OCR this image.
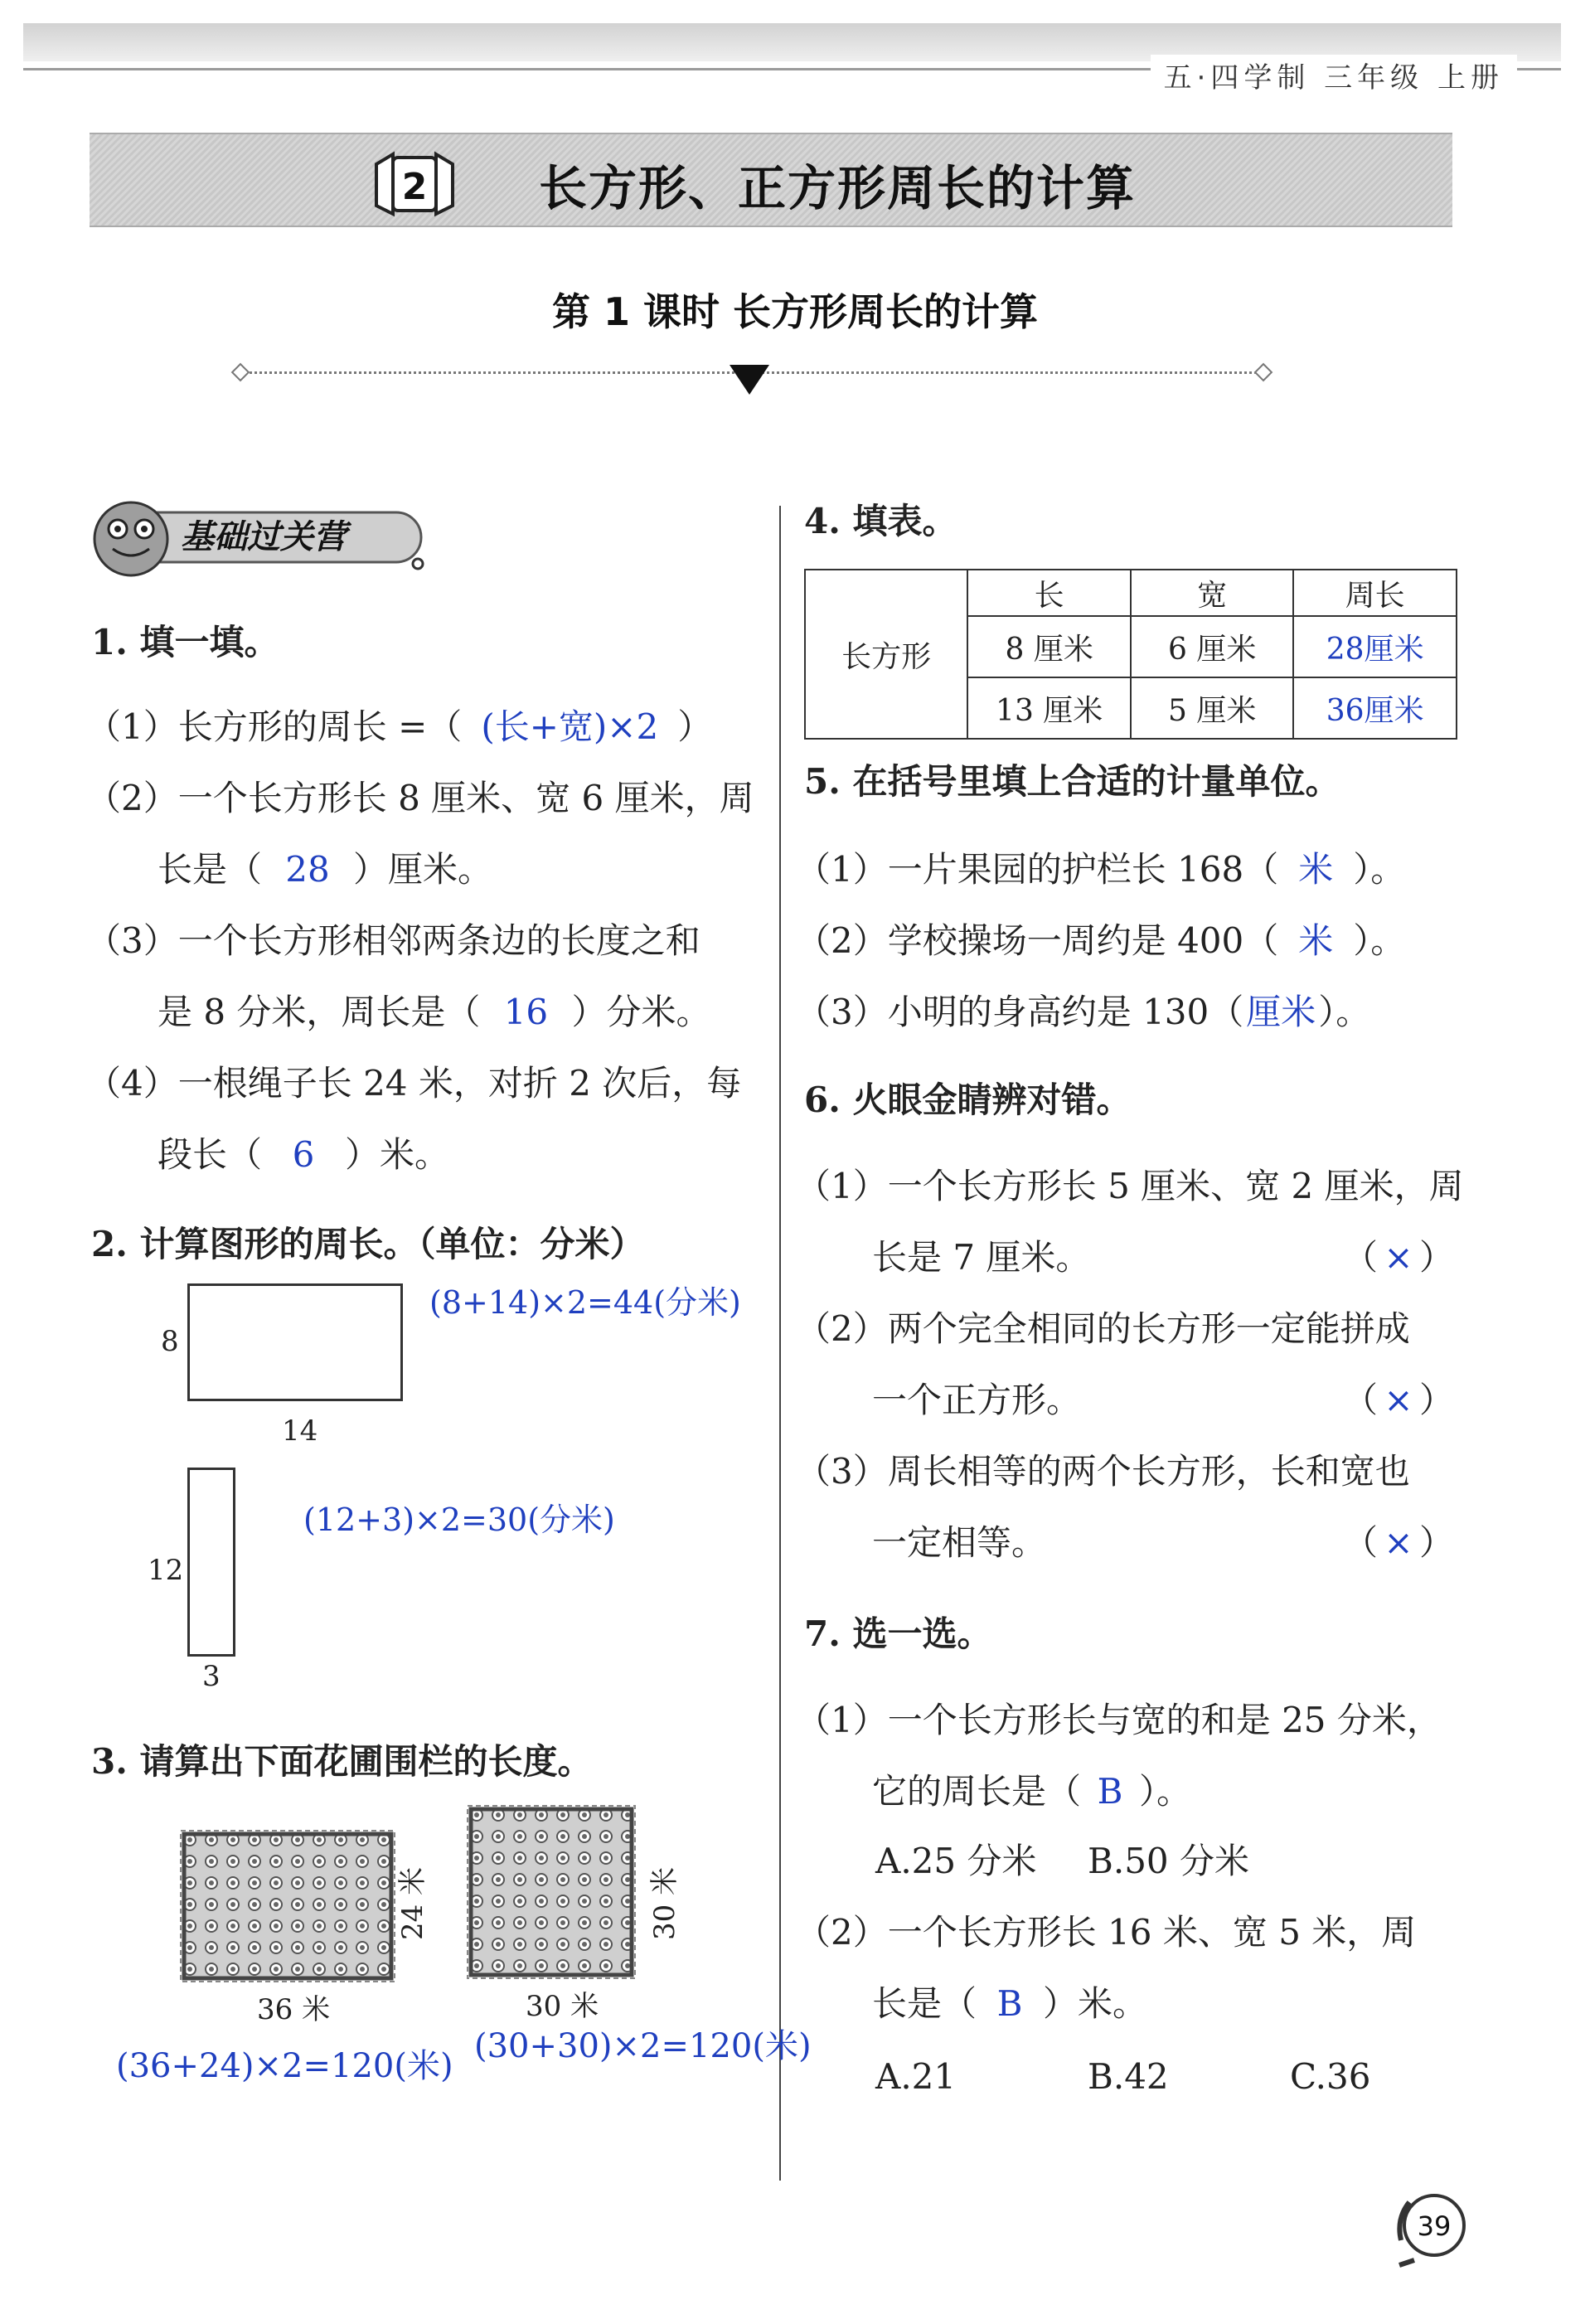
五·四学制 三年级 上册
2 长方形、正方形周长的计算
第 1 课时 长方形周长的计算
基础过关营
1. 填一填。
（1）长方形的周长 =（ (长+宽)×2 ）
（2）一个长方形长 8 厘米、宽 6 厘米，周
长是（ 28 ）厘米。
（3）一个长方形相邻两条边的长度之和
是 8 分米，周长是（ 16 ）分米。
（4）一根绳子长 24 米，对折 2 次后，每
段长（ 6 ）米。
2. 计算图形的周长。（单位：分米）
8
14
(8+14)×2=44(分米)
12
3
(12+3)×2=30(分米)
3. 请算出下面花圃围栏的长度。
36 米
24 米
(36+24)×2=120(米)
30 米
30 米
(30+30)×2=120(米)
4. 填表。
长方形	长	宽	周长
	8 厘米	6 厘米	28厘米
	13 厘米	5 厘米	36厘米
5. 在括号里填上合适的计量单位。
（1）一片果园的护栏长 168（ 米 ）。
（2）学校操场一周约是 400（ 米 ）。
（3）小明的身高约是 130（厘米）。
6. 火眼金睛辨对错。
（1）一个长方形长 5 厘米、宽 2 厘米，周
长是 7 厘米。	（ × ）
（2）两个完全相同的长方形一定能拼成
一个正方形。	（ × ）
（3）周长相等的两个长方形，长和宽也
一定相等。	（ × ）
7. 选一选。
（1）一个长方形长与宽的和是 25 分米，
它的周长是（ B ）。
A.25 分米 B.50 分米
（2）一个长方形长 16 米、宽 5 米，周
长是（ B ）米。
A.21	B.42	C.36
39
